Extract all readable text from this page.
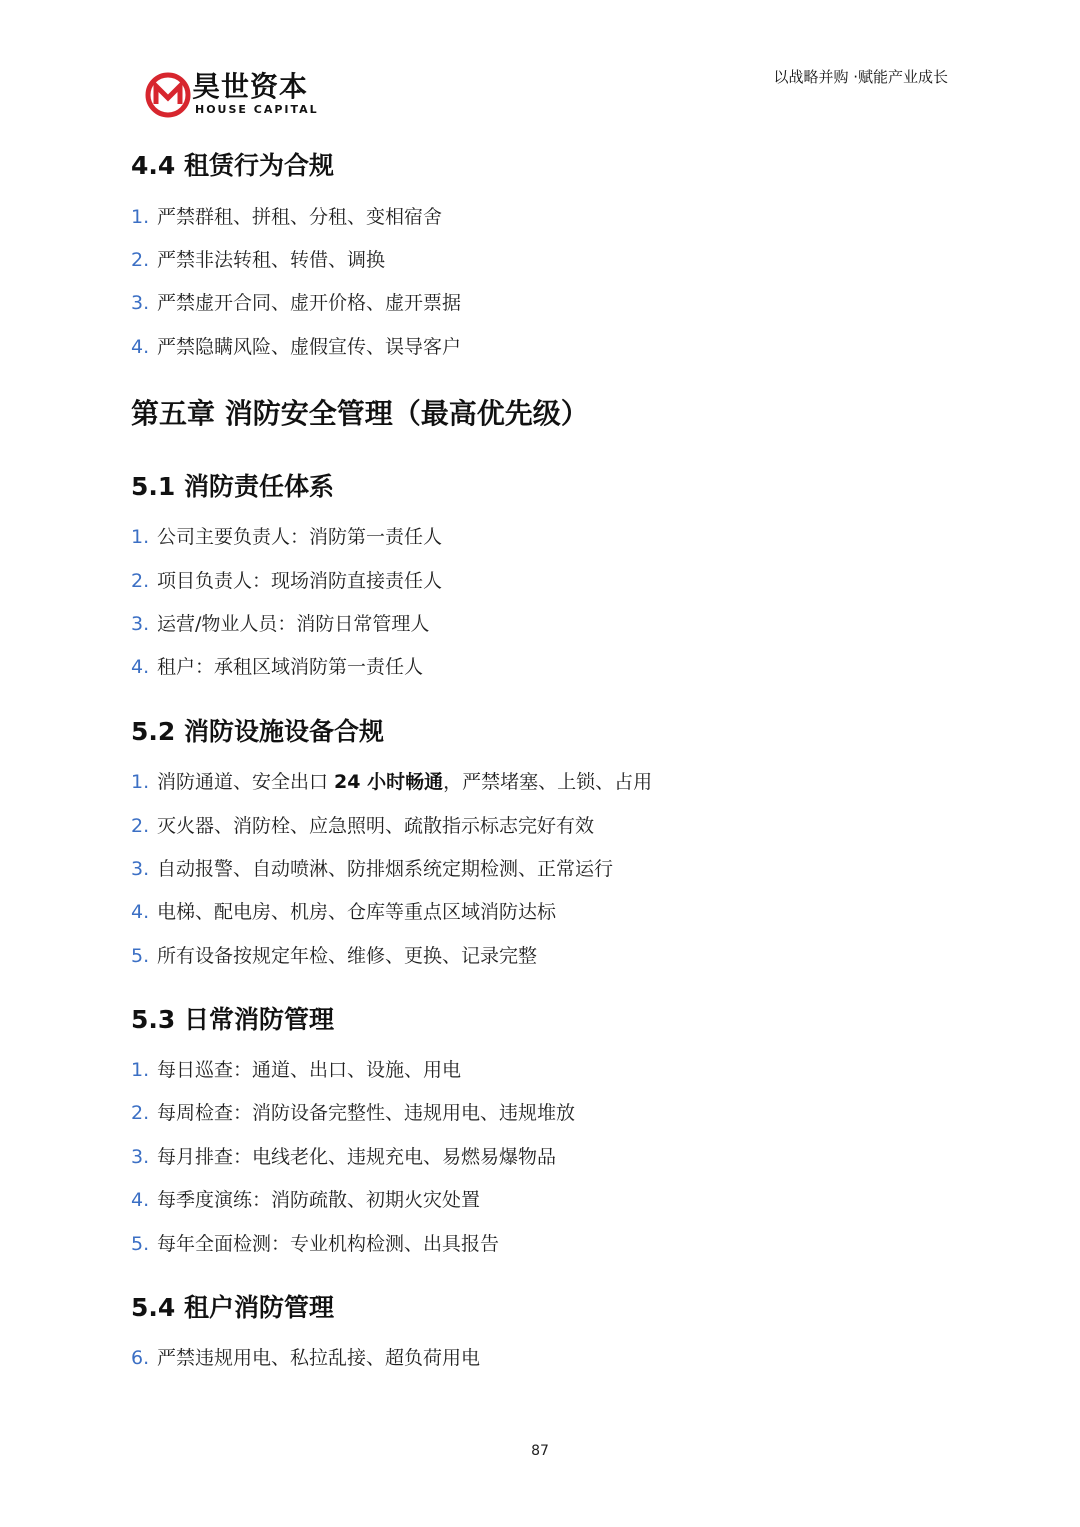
昊世资本
HOUSE CAPITAL
以战略并购 ·赋能产业成长
4.4 租赁行为合规
1. 严禁群租、拼租、分租、变相宿舍
2. 严禁非法转租、转借、调换
3. 严禁虚开合同、虚开价格、虚开票据
4. 严禁隐瞒风险、虚假宣传、误导客户
第五章 消防安全管理（最高优先级）
5.1 消防责任体系
1. 公司主要负责人：消防第一责任人
2. 项目负责人：现场消防直接责任人
3. 运营/物业人员：消防日常管理人
4. 租户：承租区域消防第一责任人
5.2 消防设施设备合规
1. 消防通道、安全出口 24 小时畅通，严禁堵塞、上锁、占用
2. 灭火器、消防栓、应急照明、疏散指示标志完好有效
3. 自动报警、自动喷淋、防排烟系统定期检测、正常运行
4. 电梯、配电房、机房、仓库等重点区域消防达标
5. 所有设备按规定年检、维修、更换、记录完整
5.3 日常消防管理
1. 每日巡查：通道、出口、设施、用电
2. 每周检查：消防设备完整性、违规用电、违规堆放
3. 每月排查：电线老化、违规充电、易燃易爆物品
4. 每季度演练：消防疏散、初期火灾处置
5. 每年全面检测：专业机构检测、出具报告
5.4 租户消防管理
6. 严禁违规用电、私拉乱接、超负荷用电
87
